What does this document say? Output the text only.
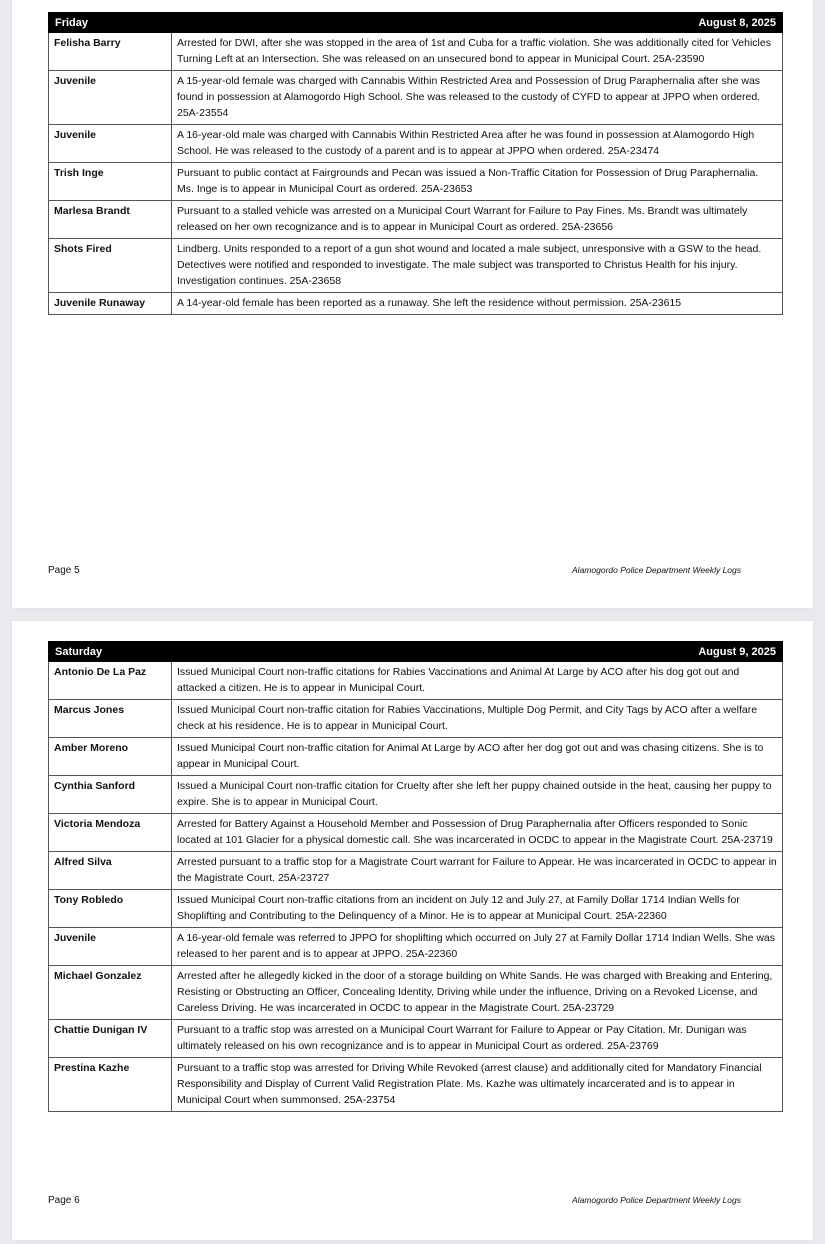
Friday	August 8, 2025
Felisha Barry	Arrested for DWI, after she was stopped in the area of 1st and Cuba for a traffic violation. She was additionally cited for Vehicles Turning Left at an Intersection. She was released on an unsecured bond to appear in Municipal Court. 25A-23590
Juvenile	A 15-year-old female was charged with Cannabis Within Restricted Area and Possession of Drug Paraphernalia after she was found in possession at Alamogordo High School. She was released to the custody of CYFD to appear at JPPO when ordered. 25A-23554
Juvenile	A 16-year-old male was charged with Cannabis Within Restricted Area after he was found in possession at Alamogordo High School. He was released to the custody of a parent and is to appear at JPPO when ordered. 25A-23474
Trish Inge	Pursuant to public contact at Fairgrounds and Pecan was issued a Non-Traffic Citation for Possession of Drug Paraphernalia. Ms. Inge is to appear in Municipal Court as ordered. 25A-23653
Marlesa Brandt	Pursuant to a stalled vehicle was arrested on a Municipal Court Warrant for Failure to Pay Fines. Ms. Brandt was ultimately released on her own recognizance and is to appear in Municipal Court as ordered. 25A-23656
Shots Fired	Lindberg. Units responded to a report of a gun shot wound and located a male subject, unresponsive with a GSW to the head. Detectives were notified and responded to investigate. The male subject was transported to Christus Health for his injury. Investigation continues. 25A-23658
Juvenile Runaway	A 14-year-old female has been reported as a runaway. She left the residence without permission. 25A-23615
Page 5	Alamogordo Police Department Weekly Logs
Saturday	August 9, 2025
Antonio De La Paz	Issued Municipal Court non-traffic citations for Rabies Vaccinations and Animal At Large by ACO after his dog got out and attacked a citizen. He is to appear in Municipal Court.
Marcus Jones	Issued Municipal Court non-traffic citation for Rabies Vaccinations, Multiple Dog Permit, and City Tags by ACO after a welfare check at his residence. He is to appear in Municipal Court.
Amber Moreno	Issued Municipal Court non-traffic citation for Animal At Large by ACO after her dog got out and was chasing citizens. She is to appear in Municipal Court.
Cynthia Sanford	Issued a Municipal Court non-traffic citation for Cruelty after she left her puppy chained outside in the heat, causing her puppy to expire. She is to appear in Municipal Court.
Victoria Mendoza	Arrested for Battery Against a Household Member and Possession of Drug Paraphernalia after Officers responded to Sonic located at 101 Glacier for a physical domestic call. She was incarcerated in OCDC to appear in the Magistrate Court. 25A-23719
Alfred Silva	Arrested pursuant to a traffic stop for a Magistrate Court warrant for Failure to Appear. He was incarcerated in OCDC to appear in the Magistrate Court. 25A-23727
Tony Robledo	Issued Municipal Court non-traffic citations from an incident on July 12 and July 27, at Family Dollar 1714 Indian Wells for Shoplifting and Contributing to the Delinquency of a Minor. He is to appear at Municipal Court. 25A-22360
Juvenile	A 16-year-old female was referred to JPPO for shoplifting which occurred on July 27 at Family Dollar 1714 Indian Wells. She was released to her parent and is to appear at JPPO. 25A-22360
Michael Gonzalez	Arrested after he allegedly kicked in the door of a storage building on White Sands. He was charged with Breaking and Entering, Resisting or Obstructing an Officer, Concealing Identity, Driving while under the influence, Driving on a Revoked License, and Careless Driving. He was incarcerated in OCDC to appear in the Magistrate Court. 25A-23729
Chattie Dunigan IV	Pursuant to a traffic stop was arrested on a Municipal Court Warrant for Failure to Appear or Pay Citation. Mr. Dunigan was ultimately released on his own recognizance and is to appear in Municipal Court as ordered. 25A-23769
Prestina Kazhe	Pursuant to a traffic stop was arrested for Driving While Revoked (arrest clause) and additionally cited for Mandatory Financial Responsibility and Display of Current Valid Registration Plate. Ms. Kazhe was ultimately incarcerated and is to appear in Municipal Court when summonsed. 25A-23754
Page 6	Alamogordo Police Department Weekly Logs
